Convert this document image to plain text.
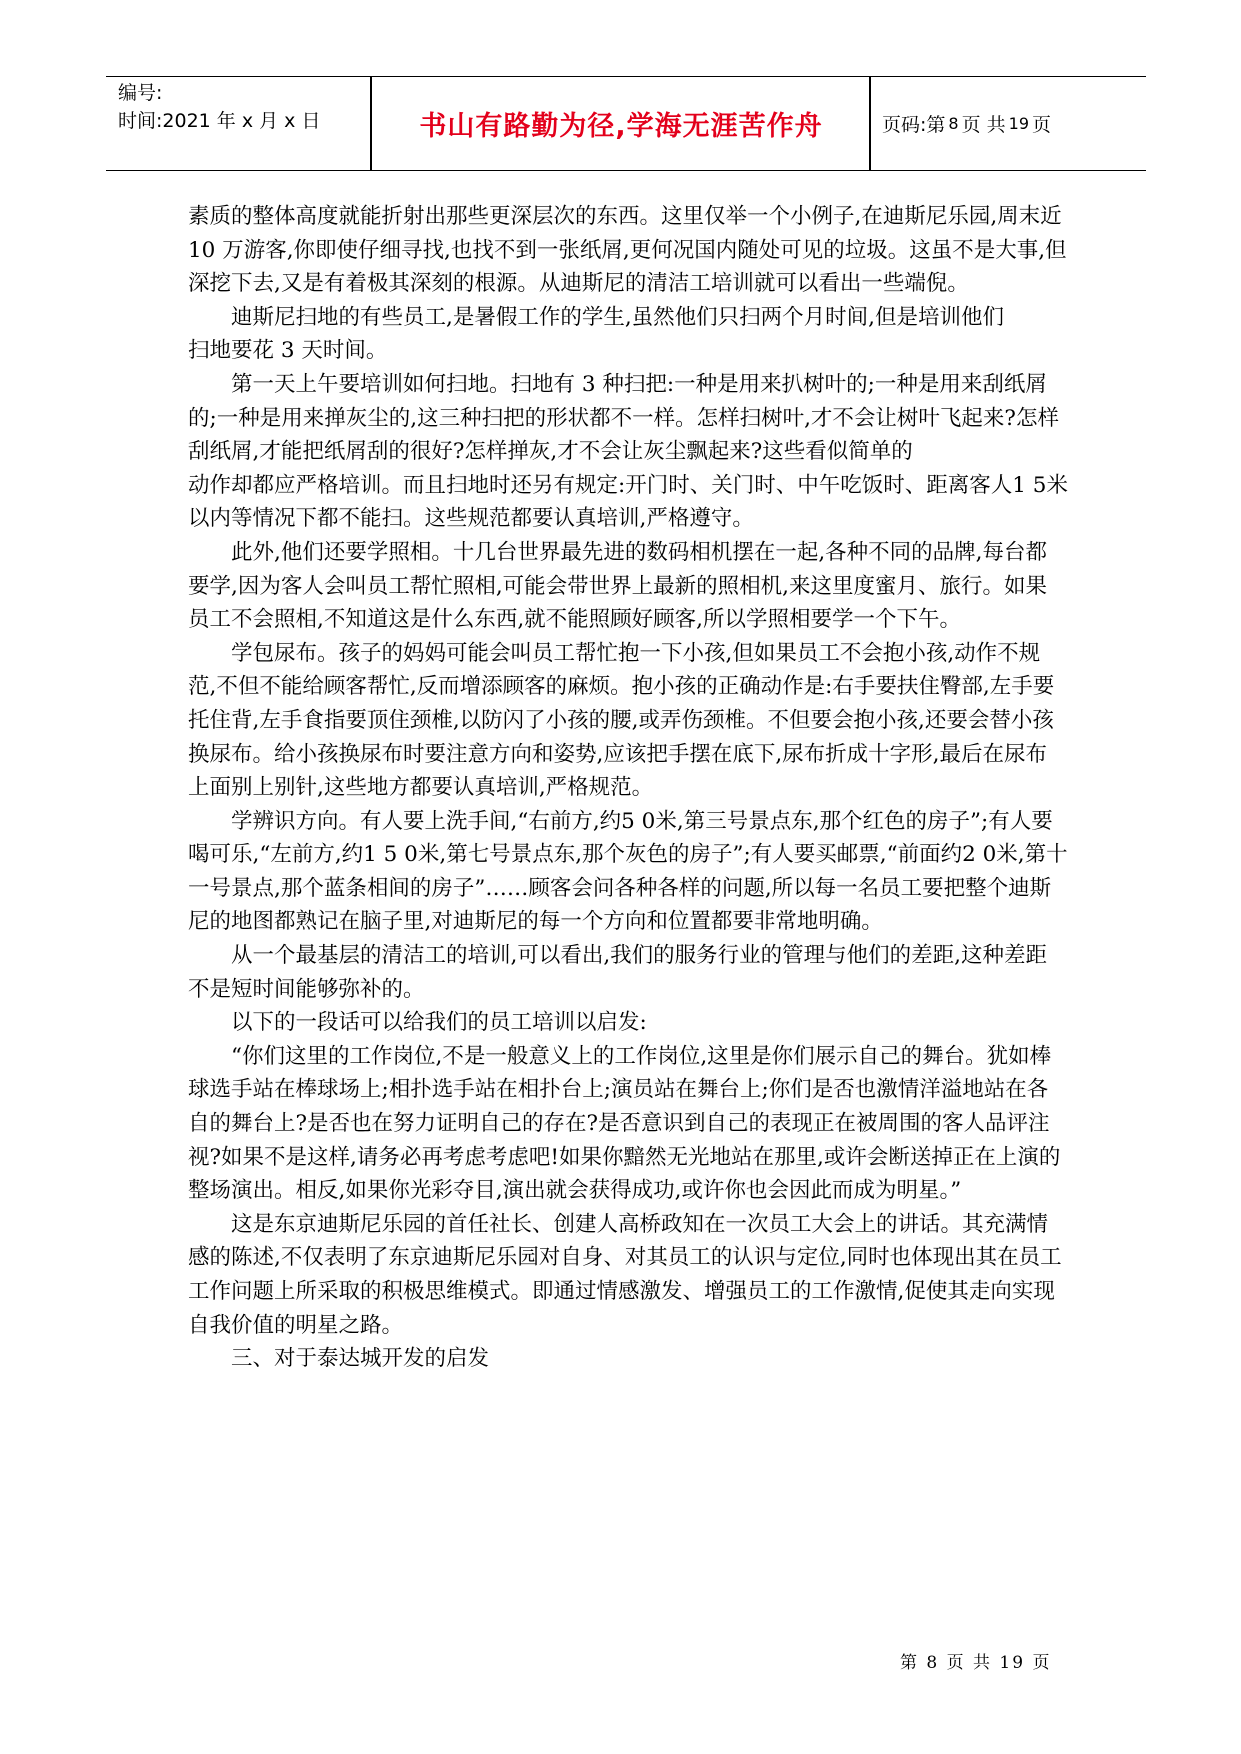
编号:
时间:2021 年 x 月 x 日	书山有路勤为径,学海无涯苦作舟	页码:第 8 页 共 19 页

素质的整体高度就能折射出那些更深层次的东西。这里仅举一个小例子,在迪斯尼乐园,周末近 10 万游客,你即使仔细寻找,也找不到一张纸屑,更何况国内随处可见的垃圾。这虽不是大事,但深挖下去,又是有着极其深刻的根源。从迪斯尼的清洁工培训就可以看出一些端倪。

迪斯尼扫地的有些员工,是暑假工作的学生,虽然他们只扫两个月时间,但是培训他们

扫地要花 3 天时间。

第一天上午要培训如何扫地。扫地有 3 种扫把:一种是用来扒树叶的;一种是用来刮纸屑的;一种是用来掸灰尘的,这三种扫把的形状都不一样。怎样扫树叶,才不会让树叶飞起来?怎样刮纸屑,才能把纸屑刮的很好?怎样掸灰,才不会让灰尘飘起来?这些看似简单的

动作却都应严格培训。而且扫地时还另有规定:开门时、关门时、中午吃饭时、距离客人1 5米以内等情况下都不能扫。这些规范都要认真培训,严格遵守。

此外,他们还要学照相。十几台世界最先进的数码相机摆在一起,各种不同的品牌,每台都要学,因为客人会叫员工帮忙照相,可能会带世界上最新的照相机,来这里度蜜月、旅行。如果员工不会照相,不知道这是什么东西,就不能照顾好顾客,所以学照相要学一个下午。

学包尿布。孩子的妈妈可能会叫员工帮忙抱一下小孩,但如果员工不会抱小孩,动作不规范,不但不能给顾客帮忙,反而增添顾客的麻烦。抱小孩的正确动作是:右手要扶住臀部,左手要托住背,左手食指要顶住颈椎,以防闪了小孩的腰,或弄伤颈椎。不但要会抱小孩,还要会替小孩换尿布。给小孩换尿布时要注意方向和姿势,应该把手摆在底下,尿布折成十字形,最后在尿布上面别上别针,这些地方都要认真培训,严格规范。

学辨识方向。有人要上洗手间,“右前方,约5 0米,第三号景点东,那个红色的房子”;有人要喝可乐,“左前方,约1 5 0米,第七号景点东,那个灰色的房子”;有人要买邮票,“前面约2 0米,第十一号景点,那个蓝条相间的房子”……顾客会问各种各样的问题,所以每一名员工要把整个迪斯尼的地图都熟记在脑子里,对迪斯尼的每一个方向和位置都要非常地明确。

从一个最基层的清洁工的培训,可以看出,我们的服务行业的管理与他们的差距,这种差距不是短时间能够弥补的。

以下的一段话可以给我们的员工培训以启发:

“你们这里的工作岗位,不是一般意义上的工作岗位,这里是你们展示自己的舞台。犹如棒球选手站在棒球场上;相扑选手站在相扑台上;演员站在舞台上;你们是否也激情洋溢地站在各自的舞台上?是否也在努力证明自己的存在?是否意识到自己的表现正在被周围的客人品评注视?如果不是这样,请务必再考虑考虑吧!如果你黯然无光地站在那里,或许会断送掉正在上演的整场演出。相反,如果你光彩夺目,演出就会获得成功,或许你也会因此而成为明星。”

这是东京迪斯尼乐园的首任社长、创建人高桥政知在一次员工大会上的讲话。其充满情感的陈述,不仅表明了东京迪斯尼乐园对自身、对其员工的认识与定位,同时也体现出其在员工工作问题上所采取的积极思维模式。即通过情感激发、增强员工的工作激情,促使其走向实现自我价值的明星之路。

三、对于泰达城开发的启发

第 8 页 共 19 页
